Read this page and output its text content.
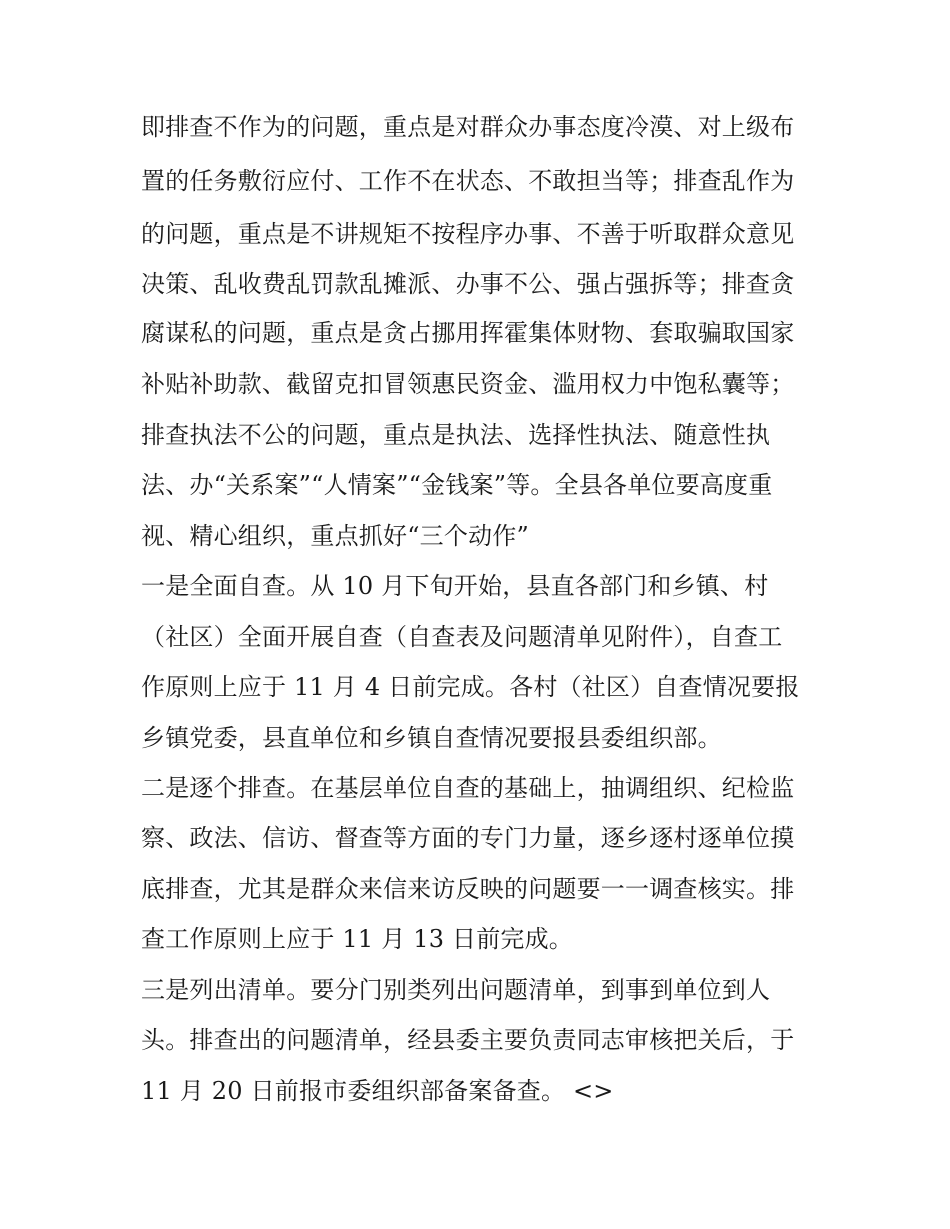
即排查不作为的问题，重点是对群众办事态度冷漠、对上级布
置的任务敷衍应付、工作不在状态、不敢担当等；排查乱作为
的问题，重点是不讲规矩不按程序办事、不善于听取群众意见
决策、乱收费乱罚款乱摊派、办事不公、强占强拆等；排查贪
腐谋私的问题，重点是贪占挪用挥霍集体财物、套取骗取国家
补贴补助款、截留克扣冒领惠民资金、滥用权力中饱私囊等；
排查执法不公的问题，重点是执法、选择性执法、随意性执
法、办“关系案”“人情案”“金钱案”等。全县各单位要高度重
视、精心组织，重点抓好“三个动作”
一是全面自查。从 10 月下旬开始，县直各部门和乡镇、村
（社区）全面开展自查（自查表及问题清单见附件），自查工
作原则上应于 11 月 4 日前完成。各村（社区）自查情况要报
乡镇党委，县直单位和乡镇自查情况要报县委组织部。
二是逐个排查。在基层单位自查的基础上，抽调组织、纪检监
察、政法、信访、督查等方面的专门力量，逐乡逐村逐单位摸
底排查，尤其是群众来信来访反映的问题要一一调查核实。排
查工作原则上应于 11 月 13 日前完成。
三是列出清单。要分门别类列出问题清单，到事到单位到人
头。排查出的问题清单，经县委主要负责同志审核把关后，于
11 月 20 日前报市委组织部备案备查。 <>
